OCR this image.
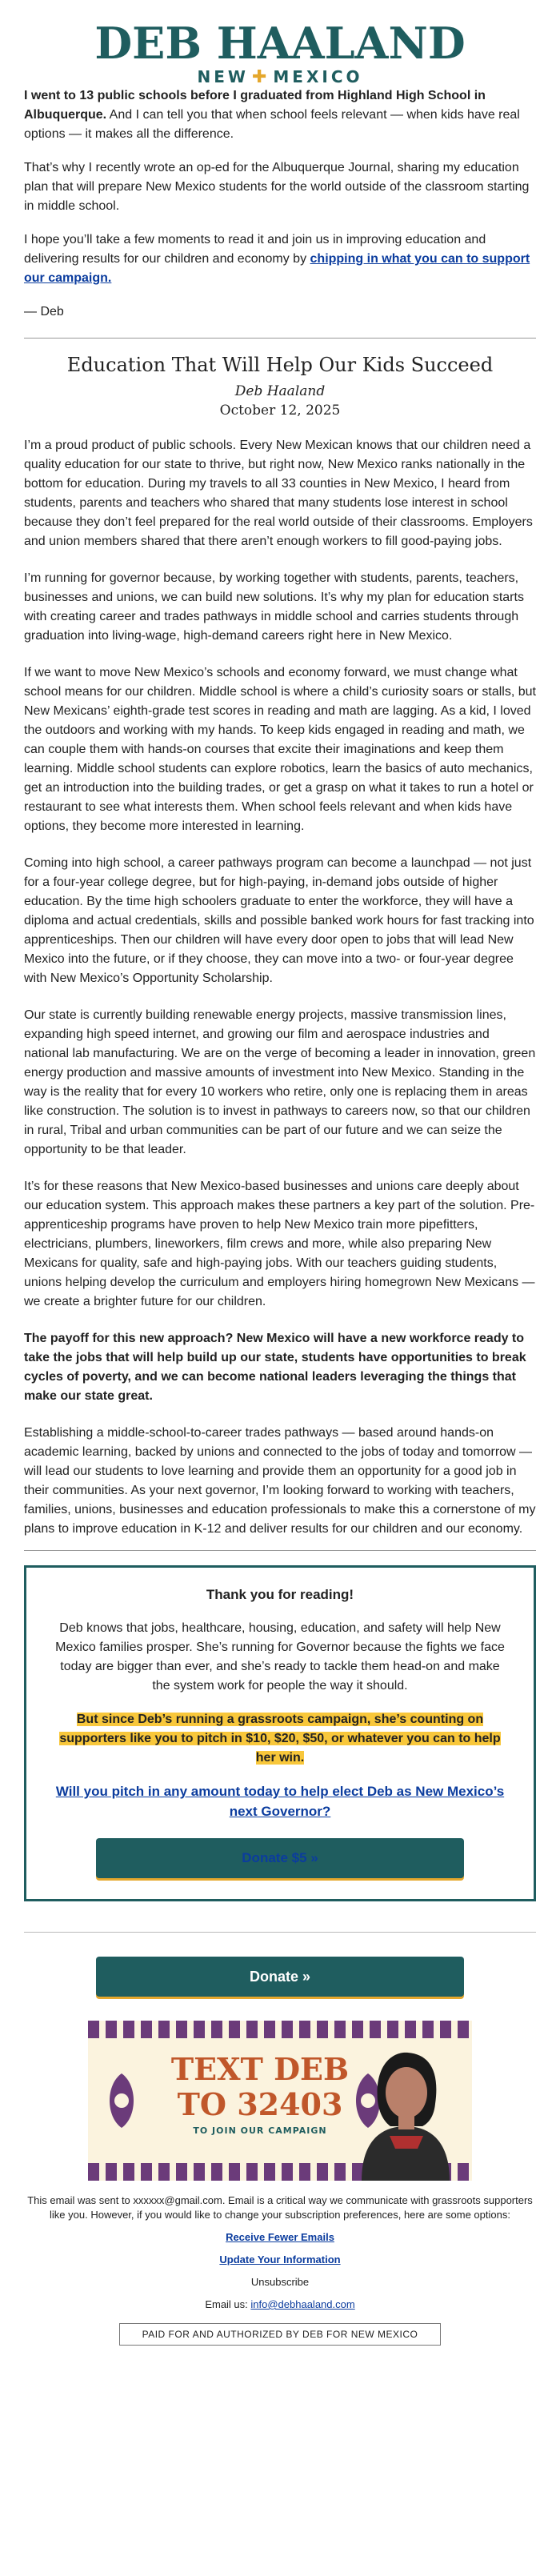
DEB HAALAND
NEW ✚ MEXICO

I went to 13 public schools before I graduated from Highland High School in Albuquerque. And I can tell you that when school feels relevant — when kids have real options — it makes all the difference.

That’s why I recently wrote an op-ed for the Albuquerque Journal, sharing my education plan that will prepare New Mexico students for the world outside of the classroom starting in middle school.

I hope you’ll take a few moments to read it and join us in improving education and delivering results for our children and economy by chipping in what you can to support our campaign.

— Deb

Education That Will Help Our Kids Succeed
Deb Haaland
October 12, 2025

I’m a proud product of public schools. Every New Mexican knows that our children need a quality education for our state to thrive, but right now, New Mexico ranks nationally in the bottom for education. During my travels to all 33 counties in New Mexico, I heard from students, parents and teachers who shared that many students lose interest in school because they don’t feel prepared for the real world outside of their classrooms. Employers and union members shared that there aren’t enough workers to fill good-paying jobs.

I’m running for governor because, by working together with students, parents, teachers, businesses and unions, we can build new solutions. It’s why my plan for education starts with creating career and trades pathways in middle school and carries students through graduation into living-wage, high-demand careers right here in New Mexico.

If we want to move New Mexico’s schools and economy forward, we must change what school means for our children. Middle school is where a child’s curiosity soars or stalls, but New Mexicans’ eighth-grade test scores in reading and math are lagging. As a kid, I loved the outdoors and working with my hands. To keep kids engaged in reading and math, we can couple them with hands-on courses that excite their imaginations and keep them learning. Middle school students can explore robotics, learn the basics of auto mechanics, get an introduction into the building trades, or get a grasp on what it takes to run a hotel or restaurant to see what interests them. When school feels relevant and when kids have options, they become more interested in learning.

Coming into high school, a career pathways program can become a launchpad — not just for a four-year college degree, but for high-paying, in-demand jobs outside of higher education. By the time high schoolers graduate to enter the workforce, they will have a diploma and actual credentials, skills and possible banked work hours for fast tracking into apprenticeships. Then our children will have every door open to jobs that will lead New Mexico into the future, or if they choose, they can move into a two- or four-year degree with New Mexico’s Opportunity Scholarship.

Our state is currently building renewable energy projects, massive transmission lines, expanding high speed internet, and growing our film and aerospace industries and national lab manufacturing. We are on the verge of becoming a leader in innovation, green energy production and massive amounts of investment into New Mexico. Standing in the way is the reality that for every 10 workers who retire, only one is replacing them in areas like construction. The solution is to invest in pathways to careers now, so that our children in rural, Tribal and urban communities can be part of our future and we can seize the opportunity to be that leader.

It’s for these reasons that New Mexico-based businesses and unions care deeply about our education system. This approach makes these partners a key part of the solution. Pre-apprenticeship programs have proven to help New Mexico train more pipefitters, electricians, plumbers, lineworkers, film crews and more, while also preparing New Mexicans for quality, safe and high-paying jobs. With our teachers guiding students, unions helping develop the curriculum and employers hiring homegrown New Mexicans — we create a brighter future for our children.

The payoff for this new approach? New Mexico will have a new workforce ready to take the jobs that will help build up our state, students have opportunities to break cycles of poverty, and we can become national leaders leveraging the things that make our state great.

Establishing a middle-school-to-career trades pathways — based around hands-on academic learning, backed by unions and connected to the jobs of today and tomorrow — will lead our students to love learning and provide them an opportunity for a good job in their communities. As your next governor, I’m looking forward to working with teachers, families, unions, businesses and education professionals to make this a cornerstone of my plans to improve education in K-12 and deliver results for our children and our economy.

Thank you for reading!

Deb knows that jobs, healthcare, housing, education, and safety will help New Mexico families prosper. She’s running for Governor because the fights we face today are bigger than ever, and she’s ready to tackle them head-on and make the system work for people the way it should.

But since Deb’s running a grassroots campaign, she’s counting on supporters like you to pitch in $10, $20, $50, or whatever you can to help her win.

Will you pitch in any amount today to help elect Deb as New Mexico’s next Governor?
Donate $5 »
Donate »
TEXT DEB
TO 32403
TO JOIN OUR CAMPAIGN

This email was sent to xxxxxx@gmail.com. Email is a critical way we communicate with grassroots supporters like you. However, if you would like to change your subscription preferences, here are some options:

Receive Fewer Emails

Update Your Information

Unsubscribe

Email us: info@debhaaland.com

PAID FOR AND AUTHORIZED BY DEB FOR NEW MEXICO
